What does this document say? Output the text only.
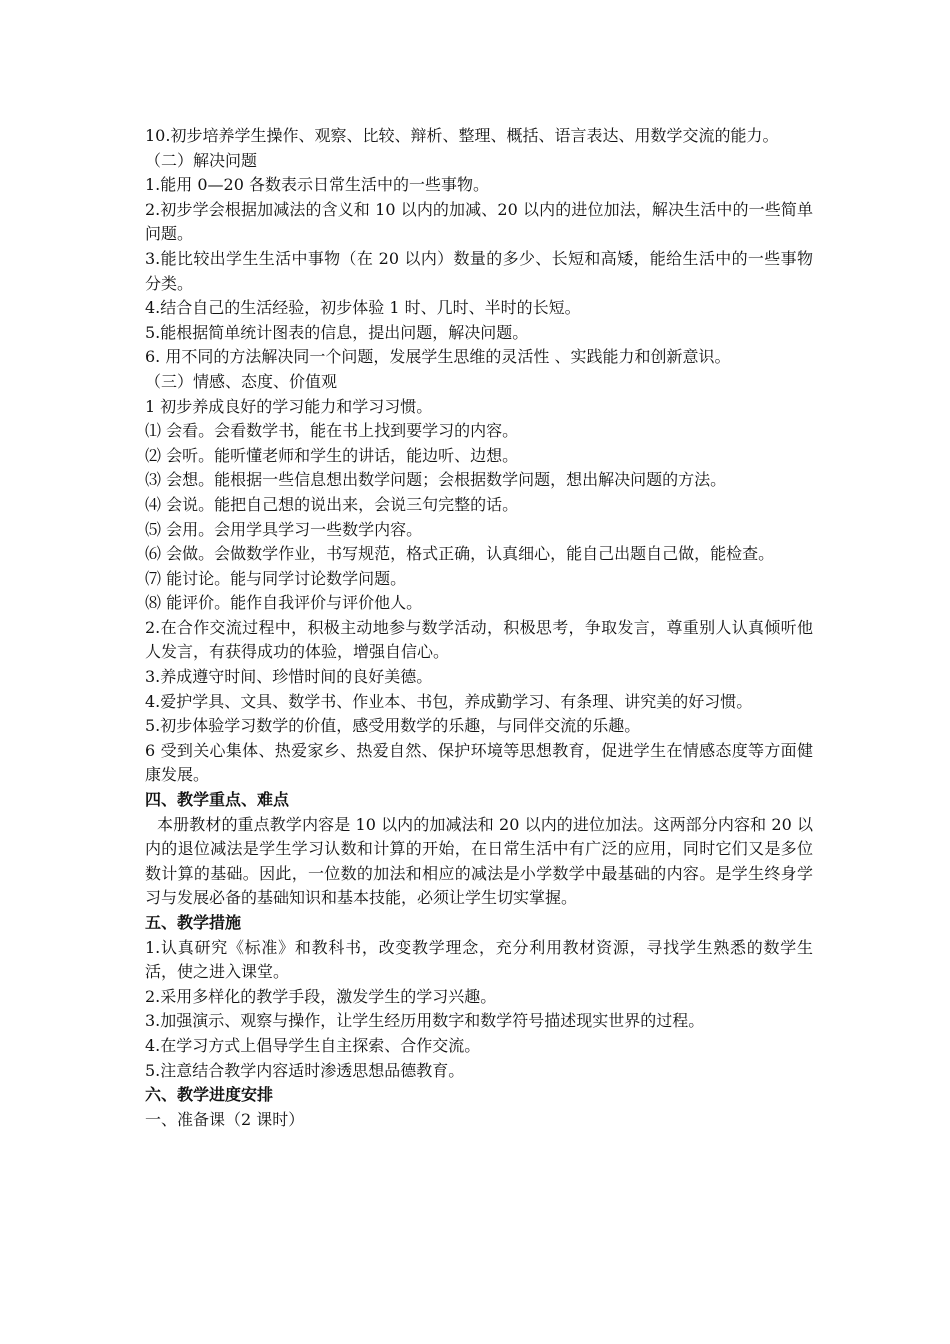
10.初步培养学生操作、观察、比较、辩析、整理、概括、语言表达、用数学交流的能力。

（二）解决问题

1.能用 0—20 各数表示日常生活中的一些事物。

2.初步学会根据加减法的含义和 10 以内的加减、20 以内的进位加法，解决生活中的一些简单问题。

3.能比较出学生生活中事物（在 20 以内）数量的多少、长短和高矮，能给生活中的一些事物分类。

4.结合自己的生活经验，初步体验 1 时、几时、半时的长短。

5.能根据简单统计图表的信息，提出问题，解决问题。

6. 用不同的方法解决同一个问题，发展学生思维的灵活性 、实践能力和创新意识。

（三）情感、态度、价值观

1 初步养成良好的学习能力和学习习惯。

⑴ 会看。会看数学书，能在书上找到要学习的内容。

⑵ 会听。能听懂老师和学生的讲话，能边听、边想。

⑶ 会想。能根据一些信息想出数学问题；会根据数学问题，想出解决问题的方法。

⑷ 会说。能把自己想的说出来，会说三句完整的话。

⑸ 会用。会用学具学习一些数学内容。

⑹ 会做。会做数学作业，书写规范，格式正确，认真细心，能自己出题自己做，能检查。

⑺ 能讨论。能与同学讨论数学问题。

⑻ 能评价。能作自我评价与评价他人。

2.在合作交流过程中，积极主动地参与数学活动，积极思考，争取发言，尊重别人认真倾听他人发言，有获得成功的体验，增强自信心。

3.养成遵守时间、珍惜时间的良好美德。

4.爱护学具、文具、数学书、作业本、书包，养成勤学习、有条理、讲究美的好习惯。

5.初步体验学习数学的价值，感受用数学的乐趣，与同伴交流的乐趣。

6 受到关心集体、热爱家乡、热爱自然、保护环境等思想教育，促进学生在情感态度等方面健康发展。

四、教学重点、难点

本册教材的重点教学内容是 10 以内的加减法和 20 以内的进位加法。这两部分内容和 20 以内的退位减法是学生学习认数和计算的开始，在日常生活中有广泛的应用，同时它们又是多位数计算的基础。因此，一位数的加法和相应的减法是小学数学中最基础的内容。是学生终身学习与发展必备的基础知识和基本技能，必须让学生切实掌握。

五、教学措施

1.认真研究《标准》和教科书，改变教学理念，充分利用教材资源，寻找学生熟悉的数学生活，使之进入课堂。

2.采用多样化的教学手段，激发学生的学习兴趣。

3.加强演示、观察与操作，让学生经历用数字和数学符号描述现实世界的过程。

4.在学习方式上倡导学生自主探索、合作交流。

5.注意结合教学内容适时渗透思想品德教育。

六、教学进度安排

一、准备课（2 课时）
